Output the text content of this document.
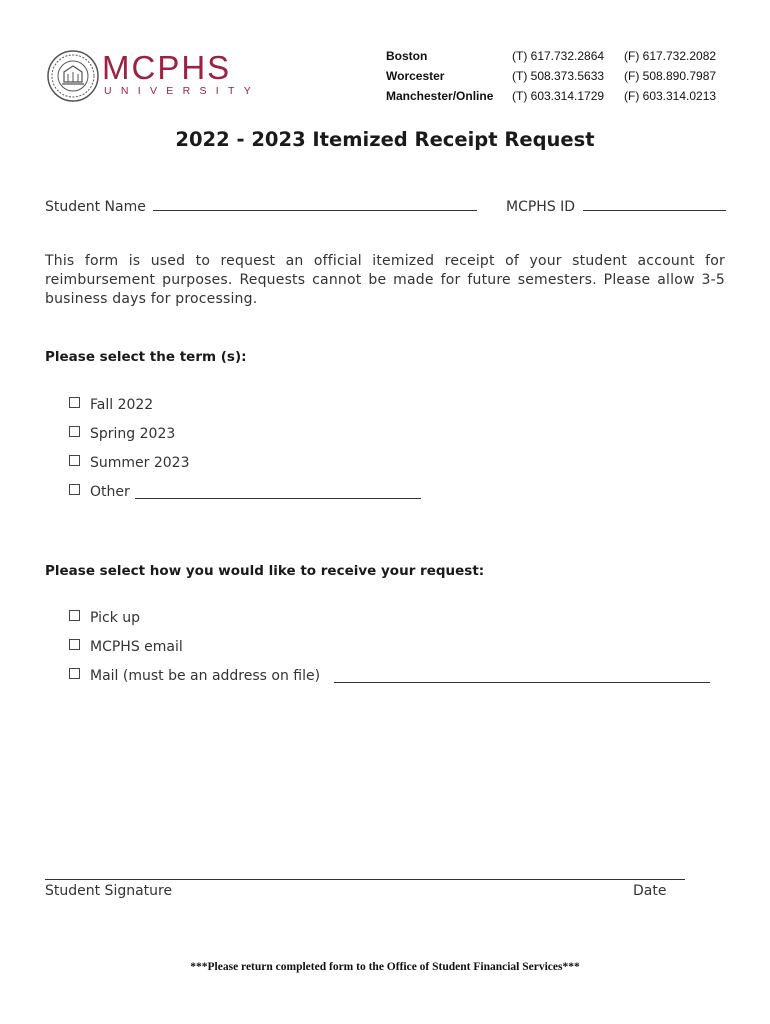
MCPHS
UNIVERSITY
Boston	(T) 617.732.2864	(F) 617.732.2082
Worcester	(T) 508.373.5633	(F) 508.890.7987
Manchester/Online	(T) 603.314.1729	(F) 603.314.0213
2022 - 2023 Itemized Receipt Request
Student Name	MCPHS ID
This form is used to request an official itemized receipt of your student account for reimbursement purposes. Requests cannot be made for future semesters. Please allow 3-5 business days for processing.
Please select the term (s):
Fall 2022
Spring 2023
Summer 2023
Other
Please select how you would like to receive your request:
Pick up
MCPHS email
Mail (must be an address on file)
Student Signature	Date
***Please return completed form to the Office of Student Financial Services***
